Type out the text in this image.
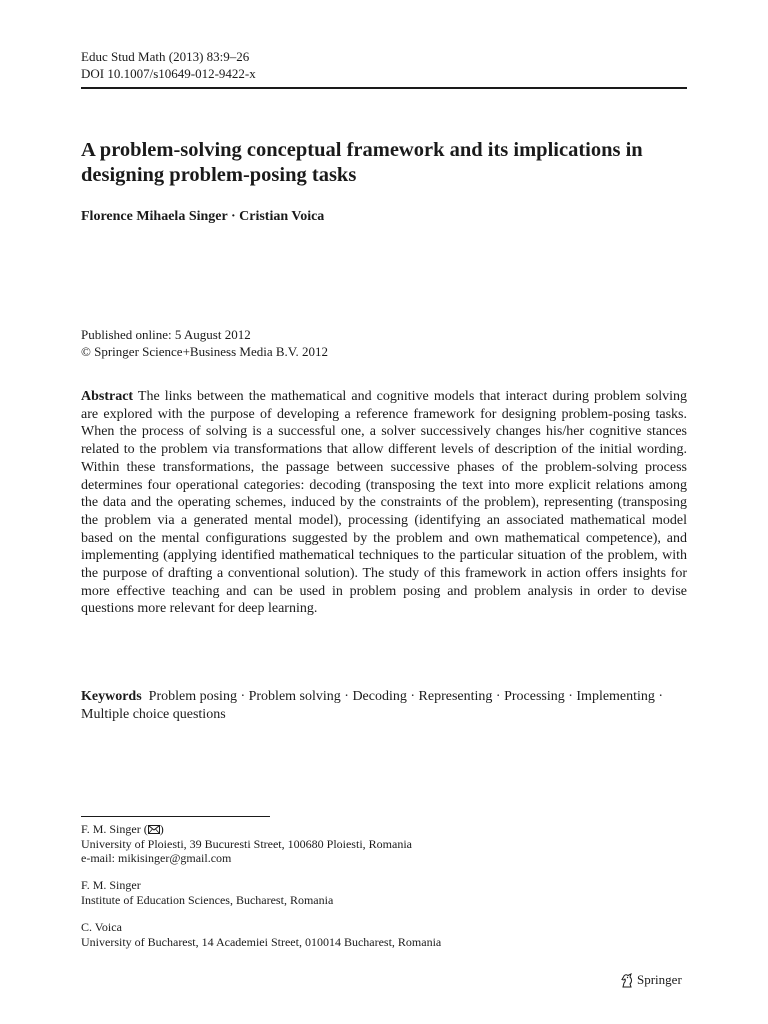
Educ Stud Math (2013) 83:9–26
DOI 10.1007/s10649-012-9422-x
A problem-solving conceptual framework and its implications in designing problem-posing tasks
Florence Mihaela Singer · Cristian Voica
Published online: 5 August 2012
© Springer Science+Business Media B.V. 2012

Abstract The links between the mathematical and cognitive models that interact during problem solving are explored with the purpose of developing a reference framework for designing problem-posing tasks. When the process of solving is a successful one, a solver successively changes his/her cognitive stances related to the problem via transformations that allow different levels of description of the initial wording. Within these transformations, the passage between successive phases of the problem-solving process determines four operational categories: decoding (transposing the text into more explicit relations among the data and the operating schemes, induced by the constraints of the problem), representing (transposing the problem via a generated mental model), processing (identifying an associated mathematical model based on the mental configurations suggested by the problem and own mathematical competence), and implementing (applying identified mathematical techniques to the particular situation of the problem, with the purpose of drafting a conventional solution). The study of this framework in action offers insights for more effective teaching and can be used in problem posing and problem analysis in order to devise questions more relevant for deep learning.

Keywords Problem posing · Problem solving · Decoding · Representing · Processing · Implementing · Multiple choice questions

F. M. Singer ( )
University of Ploiesti, 39 Bucuresti Street, 100680 Ploiesti, Romania
e-mail: mikisinger@gmail.com
F. M. Singer
Institute of Education Sciences, Bucharest, Romania
C. Voica
University of Bucharest, 14 Academiei Street, 010014 Bucharest, Romania
Springer
